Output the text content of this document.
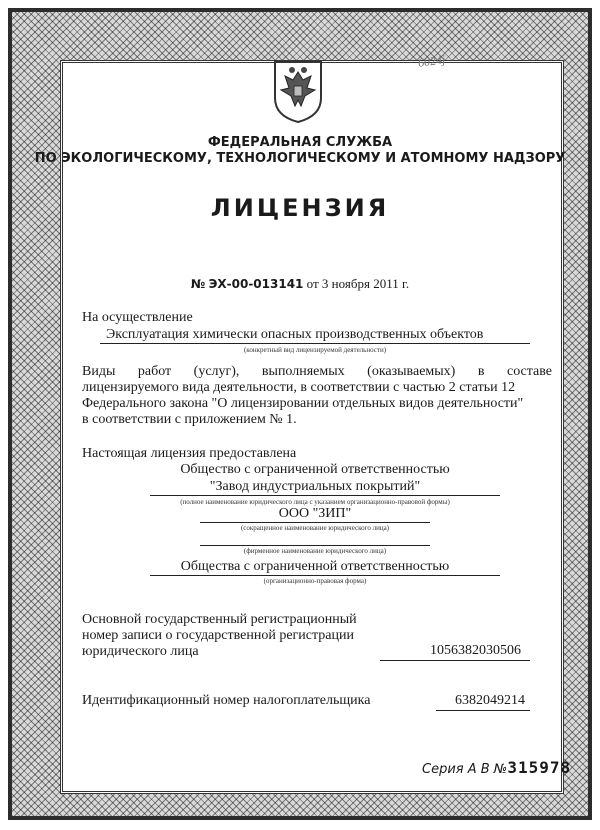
6024j
ФЕДЕРАЛЬНАЯ СЛУЖБА
ПО ЭКОЛОГИЧЕСКОМУ, ТЕХНОЛОГИЧЕСКОМУ И АТОМНОМУ НАДЗОРУ
ЛИЦЕНЗИЯ
№ ЭХ-00-013141 от 3 ноября 2011 г.
На осуществление
Эксплуатация химически опасных производственных объектов
(конкретный вид лицензируемой деятельности)
Виды работ (услуг), выполняемых (оказываемых) в составе
лицензируемого вида деятельности, в соответствии с частью 2 статьи 12
Федерального закона "О лицензировании отдельных видов деятельности"
в соответствии с приложением № 1.
Настоящая лицензия предоставлена
Общество с ограниченной ответственностью
"Завод индустриальных покрытий"
(полное наименование юридического лица с указанием организационно-правовой формы)
ООО "ЗИП"
(сокращенное наименование юридического лица)
(фирменное наименование юридического лица)
Общества с ограниченной ответственностью
(организационно-правовая форма)
Основной государственный регистрационный
номер записи о государственной регистрации
юридического лица	1056382030506
Идентификационный номер налогоплательщика	6382049214
Серия А В №315978
